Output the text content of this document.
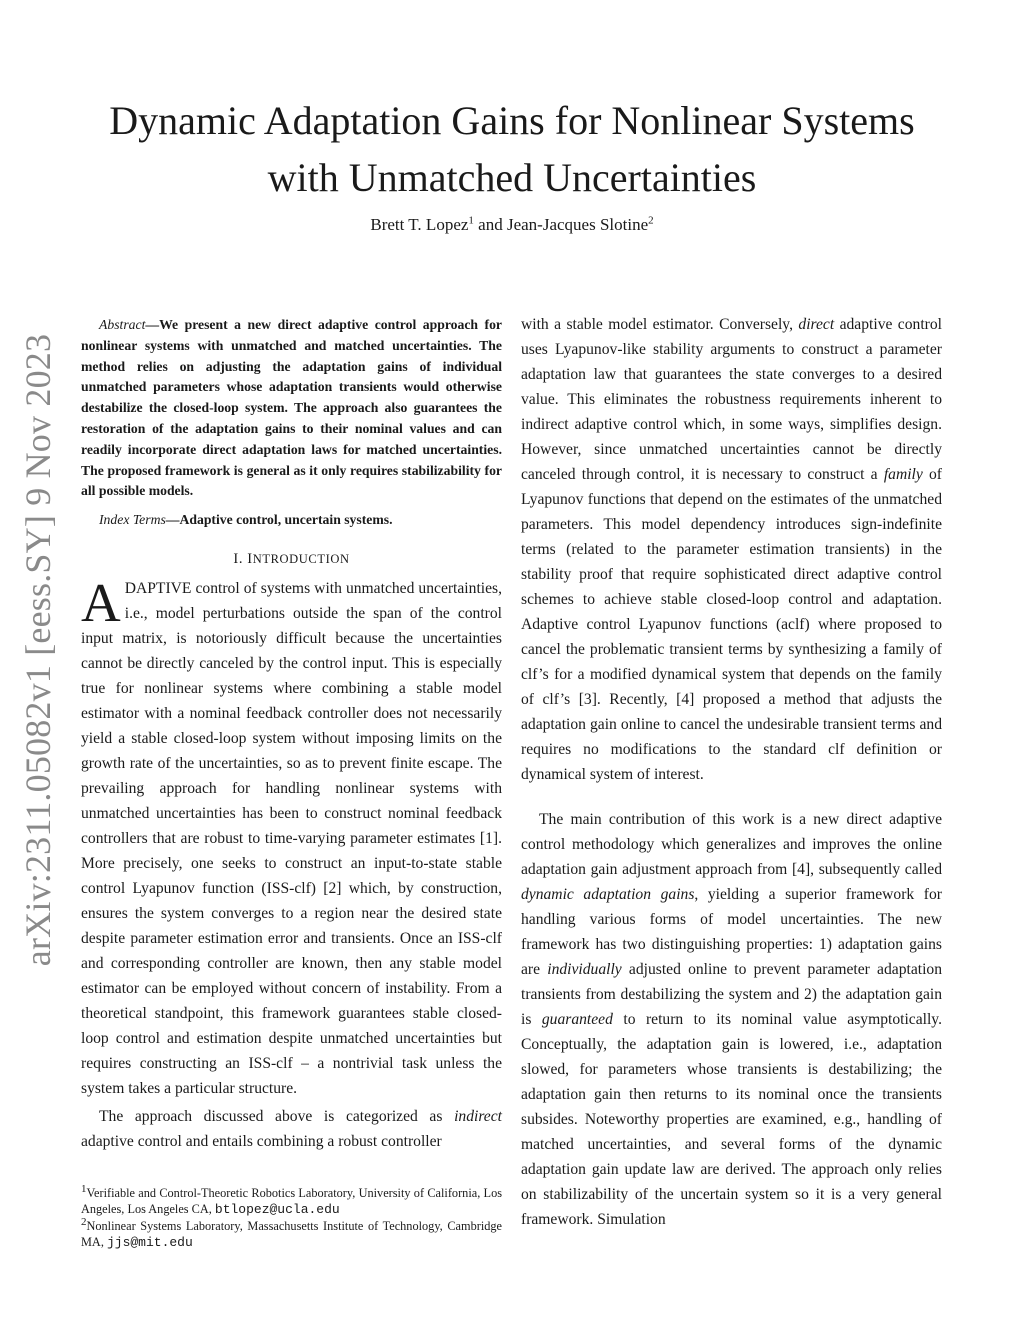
arXiv:2311.05082v1 [eess.SY] 9 Nov 2023
Dynamic Adaptation Gains for Nonlinear Systems
with Unmatched Uncertainties
Brett T. Lopez$^1$ and Jean-Jacques Slotine$^2$

Abstract—We present a new direct adaptive control approach for nonlinear systems with unmatched and matched uncertainties. The method relies on adjusting the adaptation gains of individual unmatched parameters whose adaptation transients would otherwise destabilize the closed-loop system. The approach also guarantees the restoration of the adaptation gains to their nominal values and can readily incorporate direct adaptation laws for matched uncertainties. The proposed framework is general as it only requires stabilizability for all possible models.

Index Terms—Adaptive control, uncertain systems.

I. INTRODUCTION

ADAPTIVE control of systems with unmatched uncertainties, i.e., model perturbations outside the span of the control input matrix, is notoriously difficult because the uncertainties cannot be directly canceled by the control input. This is especially true for nonlinear systems where combining a stable model estimator with a nominal feedback controller does not necessarily yield a stable closed-loop system without imposing limits on the growth rate of the uncertainties, so as to prevent finite escape. The prevailing approach for handling nonlinear systems with unmatched uncertainties has been to construct nominal feedback controllers that are robust to time-varying parameter estimates [1]. More precisely, one seeks to construct an input-to-state stable control Lyapunov function (ISS-clf) [2] which, by construction, ensures the system converges to a region near the desired state despite parameter estimation error and transients. Once an ISS-clf and corresponding controller are known, then any stable model estimator can be employed without concern of instability. From a theoretical standpoint, this framework guarantees stable closed-loop control and estimation despite unmatched uncertainties but requires constructing an ISS-clf – a nontrivial task unless the system takes a particular structure.

The approach discussed above is categorized as indirect adaptive control and entails combining a robust controller

with a stable model estimator. Conversely, direct adaptive control uses Lyapunov-like stability arguments to construct a parameter adaptation law that guarantees the state converges to a desired value. This eliminates the robustness requirements inherent to indirect adaptive control which, in some ways, simplifies design. However, since unmatched uncertainties cannot be directly canceled through control, it is necessary to construct a family of Lyapunov functions that depend on the estimates of the unmatched parameters. This model dependency introduces sign-indefinite terms (related to the parameter estimation transients) in the stability proof that require sophisticated direct adaptive control schemes to achieve stable closed-loop control and adaptation. Adaptive control Lyapunov functions (aclf) where proposed to cancel the problematic transient terms by synthesizing a family of clf’s for a modified dynamical system that depends on the family of clf’s [3]. Recently, [4] proposed a method that adjusts the adaptation gain online to cancel the undesirable transient terms and requires no modifications to the standard clf definition or dynamical system of interest.

The main contribution of this work is a new direct adaptive control methodology which generalizes and improves the online adaptation gain adjustment approach from [4], subsequently called dynamic adaptation gains, yielding a superior framework for handling various forms of model uncertainties. The new framework has two distinguishing properties: 1) adaptation gains are individually adjusted online to prevent parameter adaptation transients from destabilizing the system and 2) the adaptation gain is guaranteed to return to its nominal value asymptotically. Conceptually, the adaptation gain is lowered, i.e., adaptation slowed, for parameters whose transients is destabilizing; the adaptation gain then returns to its nominal once the transients subsides. Noteworthy properties are examined, e.g., handling of matched uncertainties, and several forms of the dynamic adaptation gain update law are derived. The approach only relies on stabilizability of the uncertain system so it is a very general framework. Simulation

$^1$Verifiable and Control-Theoretic Robotics Laboratory, University of California, Los Angeles, Los Angeles CA, btlopez@ucla.edu

$^2$Nonlinear Systems Laboratory, Massachusetts Institute of Technology, Cambridge MA, jjs@mit.edu
